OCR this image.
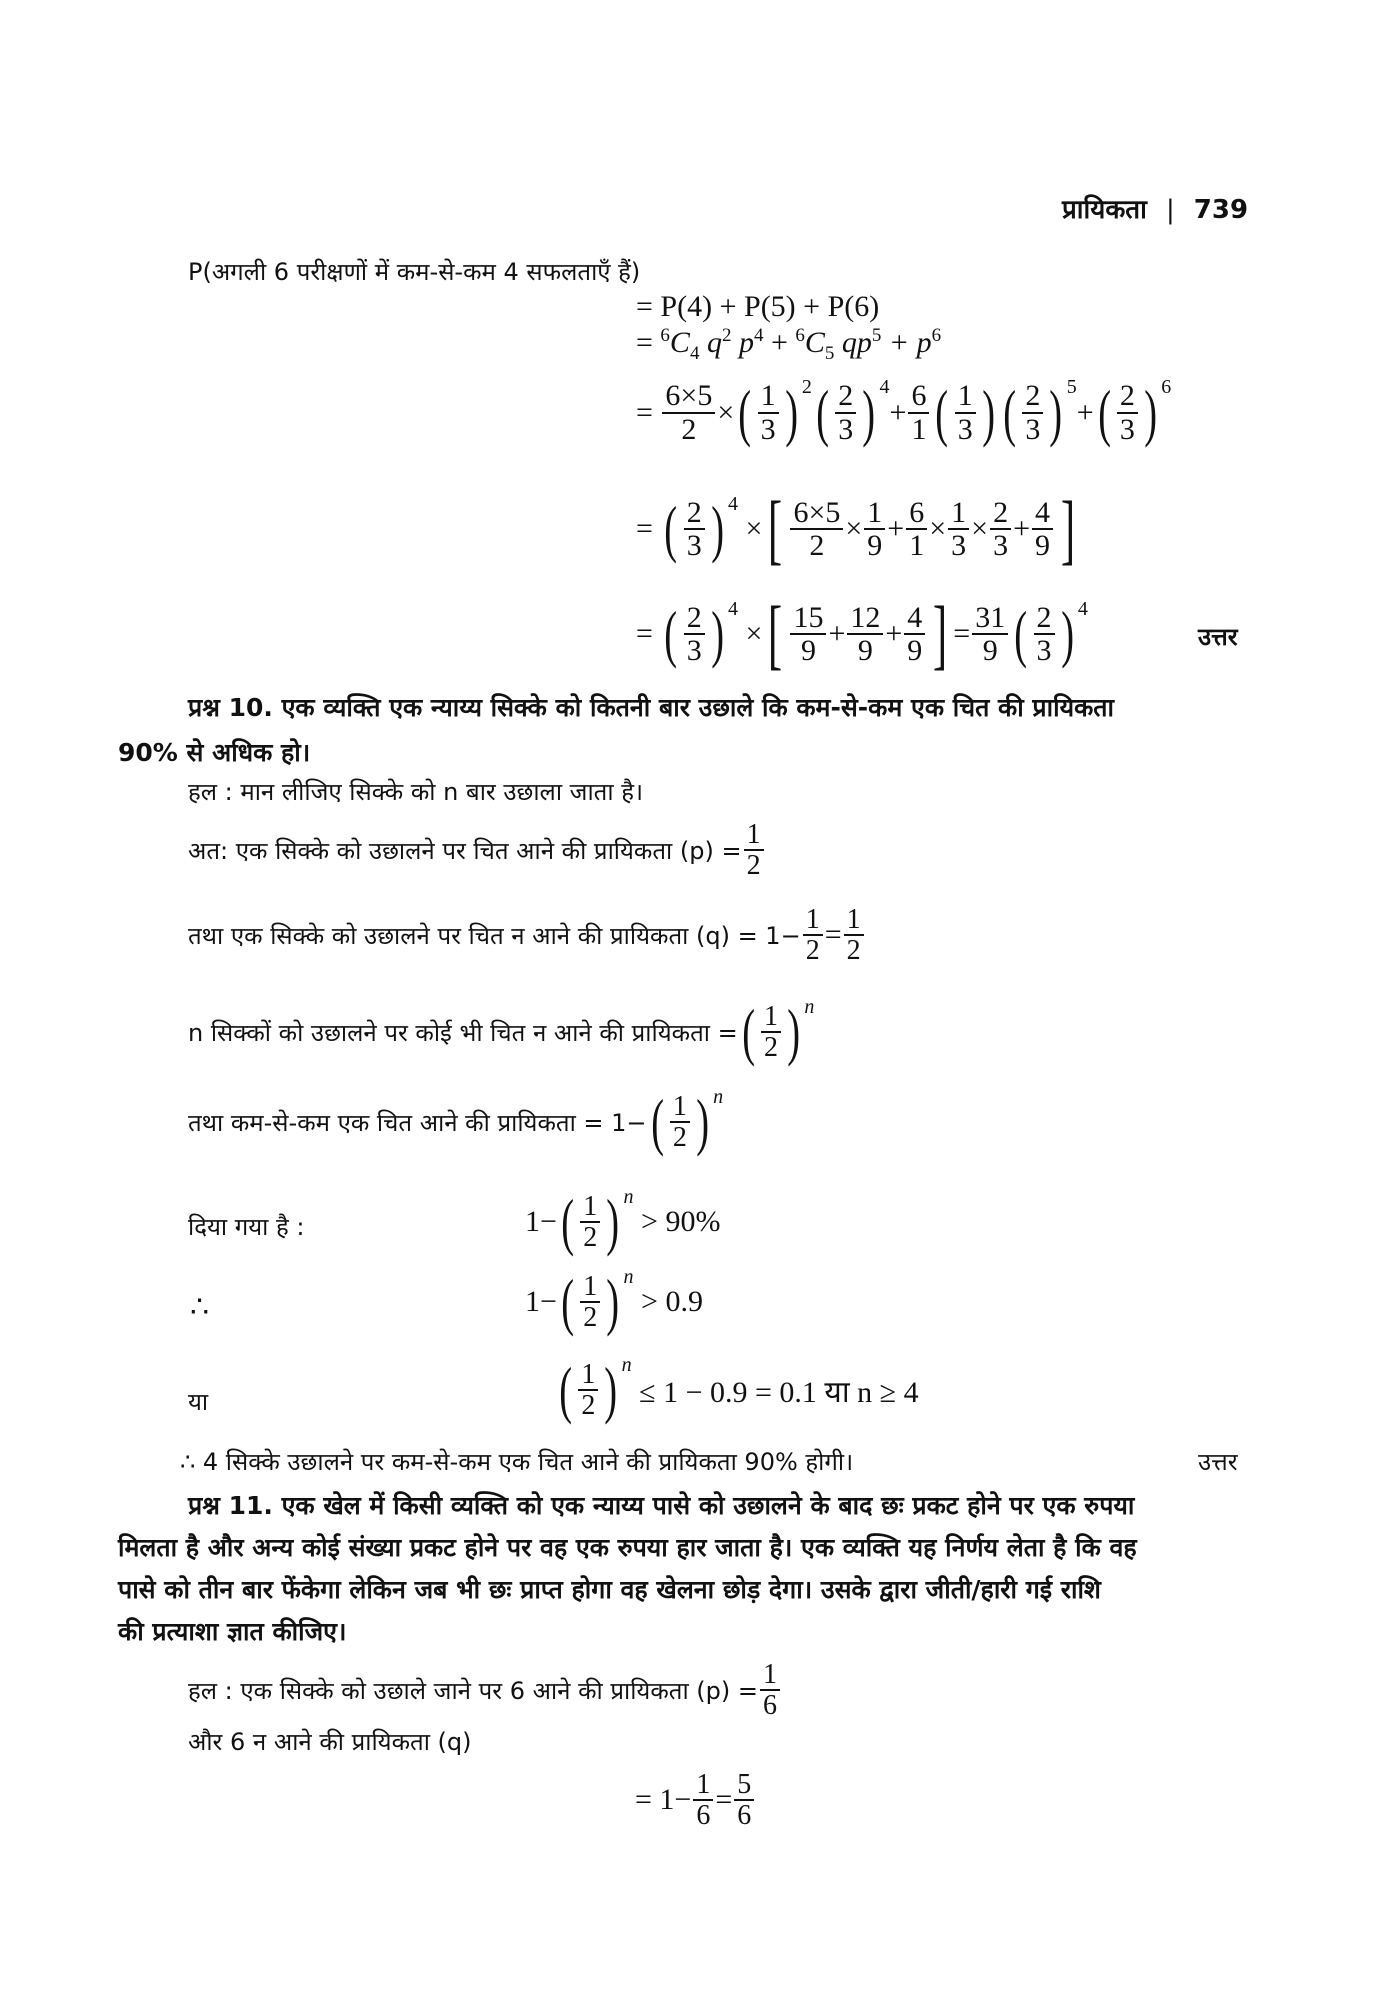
प्रायिकता | 739
P(अगली 6 परीक्षणों में कम-से-कम 4 सफलताएँ हैं)
= P(4) + P(5) + P(6)
= $^6C_4$ $q^2$ $p^4 + ^6C_5$ $qp^5 + p^6$
= $\frac{6\times 5}{2}$ × ( $\frac{1}{3} )^2$ ( $\frac{2}{3} )^4$
+ $\frac{6}{1}$ ( $\frac{1}{3}$ ) ( $\frac{2}{3} )^5$
+ ( $\frac{2}{3} )^6$
= ( $\frac{2}{3} )^4$
× [ $\frac{6\times 5}{2} \times \frac{1}{9} + \frac{6}{1} \times \frac{1}{3} \times \frac{2}{3} + \frac{4}{9}$ ]
= ( $\frac{2}{3} )^4$
× [ $\frac{15}{9} + \frac{12}{9} + \frac{4}{9}$ ] = $\frac{31}{9}$ ( $\frac{2}{3} )^4$
उत्तर
प्रश्न 10. एक व्यक्ति एक न्याय्य सिक्के को कितनी बार उछाले कि कम-से-कम एक चित की प्रायिकता
90% से अधिक हो।
हल : मान लीजिए सिक्के को n बार उछाला जाता है।
अत: एक सिक्के को उछालने पर चित आने की प्रायिकता $(p) = \frac{1}{2}$
तथा एक सिक्के को उछालने पर चित न आने की प्रायिकता $(q) = 1- \frac{1}{2} = \frac{1}{2}$
n सिक्कों को उछालने पर कोई भी चित न आने की प्रायिकता = ( $\frac{1}{2} )^n$
तथा कम-से-कम एक चित आने की प्रायिकता = 1− ( $\frac{1}{2} )^n$
दिया गया है :	1− ( $\frac{1}{2} )^n$

> 90%
∴	1− ( $\frac{1}{2} )^n$

> 0.9
या	( $\frac{1}{2} )^n$

≤ 1 − 0.9 = 0.1 या n ≥ 4
∴ 4 सिक्के उछालने पर कम-से-कम एक चित आने की प्रायिकता 90% होगी।	उत्तर
प्रश्न 11. एक खेल में किसी व्यक्ति को एक न्याय्य पासे को उछालने के बाद छः प्रकट होने पर एक रुपया
मिलता है और अन्य कोई संख्या प्रकट होने पर वह एक रुपया हार जाता है। एक व्यक्ति यह निर्णय लेता है कि वह
पासे को तीन बार फेंकेगा लेकिन जब भी छः प्राप्त होगा वह खेलना छोड़ देगा। उसके द्वारा जीती/हारी गई राशि
की प्रत्याशा ज्ञात कीजिए।
हल : एक सिक्के को उछाले जाने पर 6 आने की प्रायिकता $(p) = \frac{1}{6}$
और 6 न आने की प्रायिकता (q)
= $1- \frac{1}{6} = \frac{5}{6}$
